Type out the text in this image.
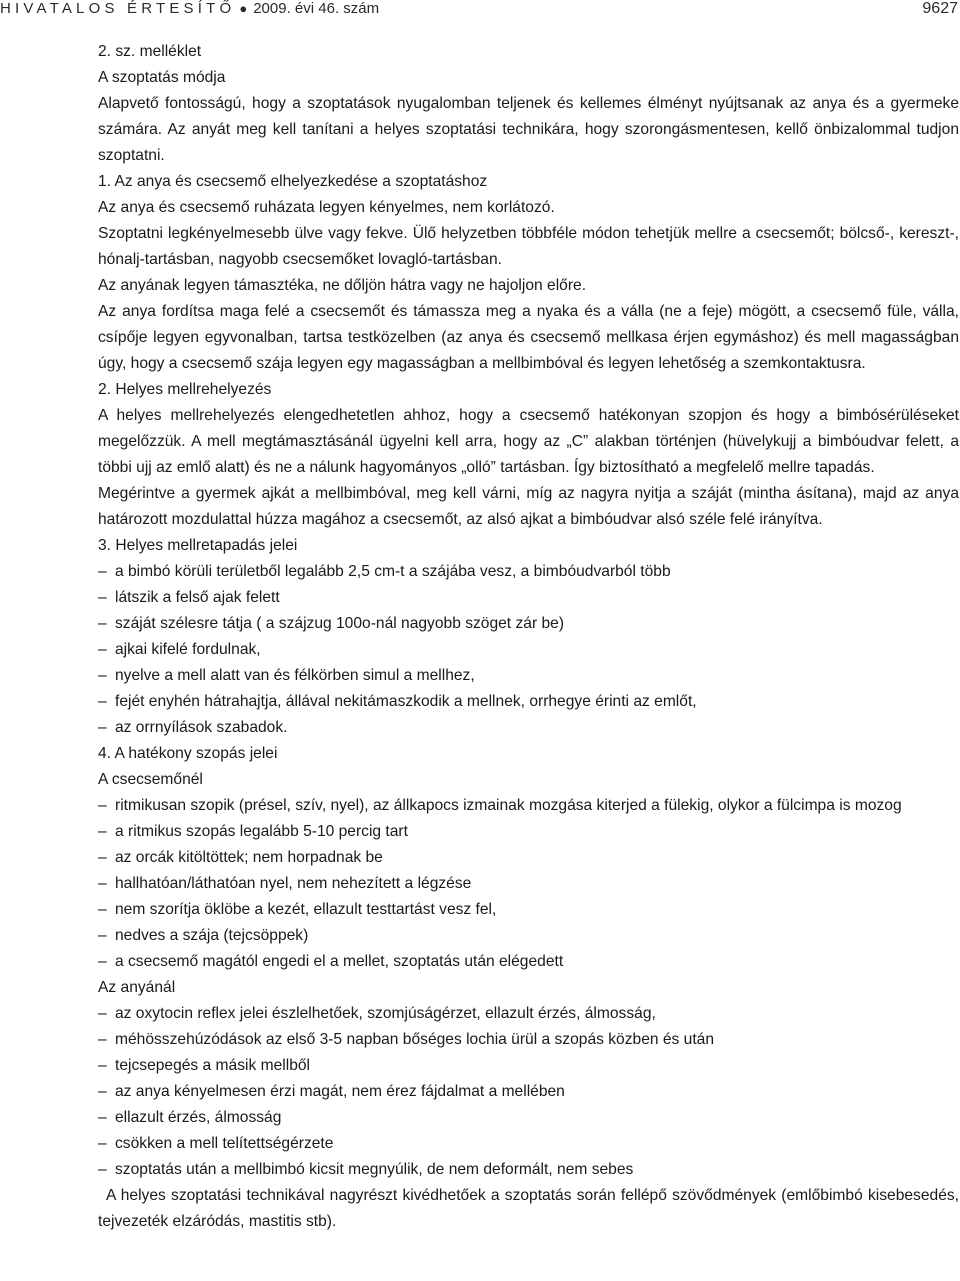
HIVATALOS ÉRTESÍTŐ ● 2009. évi 46. szám	9627

2. sz. melléklet

A szoptatás módja

Alapvető fontosságú, hogy a szoptatások nyugalomban teljenek és kellemes élményt nyújtsanak az anya és a gyermeke számára. Az anyát meg kell tanítani a helyes szoptatási technikára, hogy szorongásmentesen, kellő önbizalommal tudjon szoptatni.

1. Az anya és csecsemő elhelyezkedése a szoptatáshoz

Az anya és csecsemő ruházata legyen kényelmes, nem korlátozó.

Szoptatni legkényelmesebb ülve vagy fekve. Ülő helyzetben többféle módon tehetjük mellre a csecsemőt; bölcső-, kereszt-, hónalj-tartásban, nagyobb csecsemőket lovagló-tartásban.

Az anyának legyen támasztéka, ne dőljön hátra vagy ne hajoljon előre.

Az anya fordítsa maga felé a csecsemőt és támassza meg a nyaka és a válla (ne a feje) mögött, a csecsemő füle, válla, csípője legyen egyvonalban, tartsa testközelben (az anya és csecsemő mellkasa érjen egymáshoz) és mell magasságban úgy, hogy a csecsemő szája legyen egy magasságban a mellbimbóval és legyen lehetőség a szemkontaktusra.

2. Helyes mellrehelyezés

A helyes mellrehelyezés elengedhetetlen ahhoz, hogy a csecsemő hatékonyan szopjon és hogy a bimbósérüléseket megelőzzük. A mell megtámasztásánál ügyelni kell arra, hogy az „C” alakban történjen (hüvelykujj a bimbóudvar felett, a többi ujj az emlő alatt) és ne a nálunk hagyományos „olló” tartásban. Így biztosítható a megfelelő mellre tapadás.

Megérintve a gyermek ajkát a mellbimbóval, meg kell várni, míg az nagyra nyitja a száját (mintha ásítana), majd az anya határozott mozdulattal húzza magához a csecsemőt, az alsó ajkat a bimbóudvar alsó széle felé irányítva.

3. Helyes mellretapadás jelei

– a bimbó körüli területből legalább 2,5 cm-t a szájába vesz, a bimbóudvarból több

– látszik a felső ajak felett

– száját szélesre tátja ( a szájzug 100o-nál nagyobb szöget zár be)

– ajkai kifelé fordulnak,

– nyelve a mell alatt van és félkörben simul a mellhez,

– fejét enyhén hátrahajtja, állával nekitámaszkodik a mellnek, orrhegye érinti az emlőt,

– az orrnyílások szabadok.

4. A hatékony szopás jelei

A csecsemőnél

– ritmikusan szopik (présel, szív, nyel), az állkapocs izmainak mozgása kiterjed a fülekig, olykor a fülcimpa is mozog

– a ritmikus szopás legalább 5-10 percig tart

– az orcák kitöltöttek; nem horpadnak be

– hallhatóan/láthatóan nyel, nem nehezített a légzése

– nem szorítja öklöbe a kezét, ellazult testtartást vesz fel,

– nedves a szája (tejcsöppek)

– a csecsemő magától engedi el a mellet, szoptatás után elégedett

Az anyánál

– az oxytocin reflex jelei észlelhetőek, szomjúságérzet, ellazult érzés, álmosság,

– méhösszehúzódások az első 3-5 napban bőséges lochia ürül a szopás közben és után

– tejcsepegés a másik mellből

– az anya kényelmesen érzi magát, nem érez fájdalmat a mellében

– ellazult érzés, álmosság

– csökken a mell telítettségérzete

– szoptatás után a mellbimbó kicsit megnyúlik, de nem deformált, nem sebes

A helyes szoptatási technikával nagyrészt kivédhetőek a szoptatás során fellépő szövődmények (emlőbimbó kisebesedés, tejvezeték elzáródás, mastitis stb).
